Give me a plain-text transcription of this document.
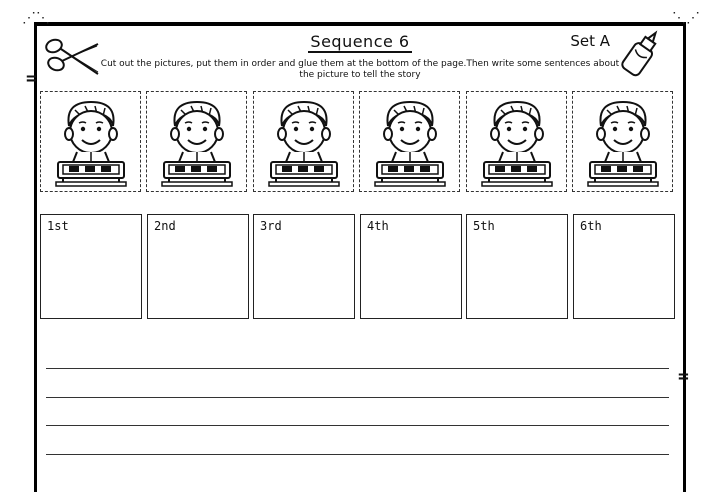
⋰⋱	⋱⋰
=
=
Sequence 6	Set A
Cut out the pictures, put them in order and glue them at the bottom of the page.Then write some sentences about the picture to tell the story
1st	2nd	3rd	4th	5th	6th
